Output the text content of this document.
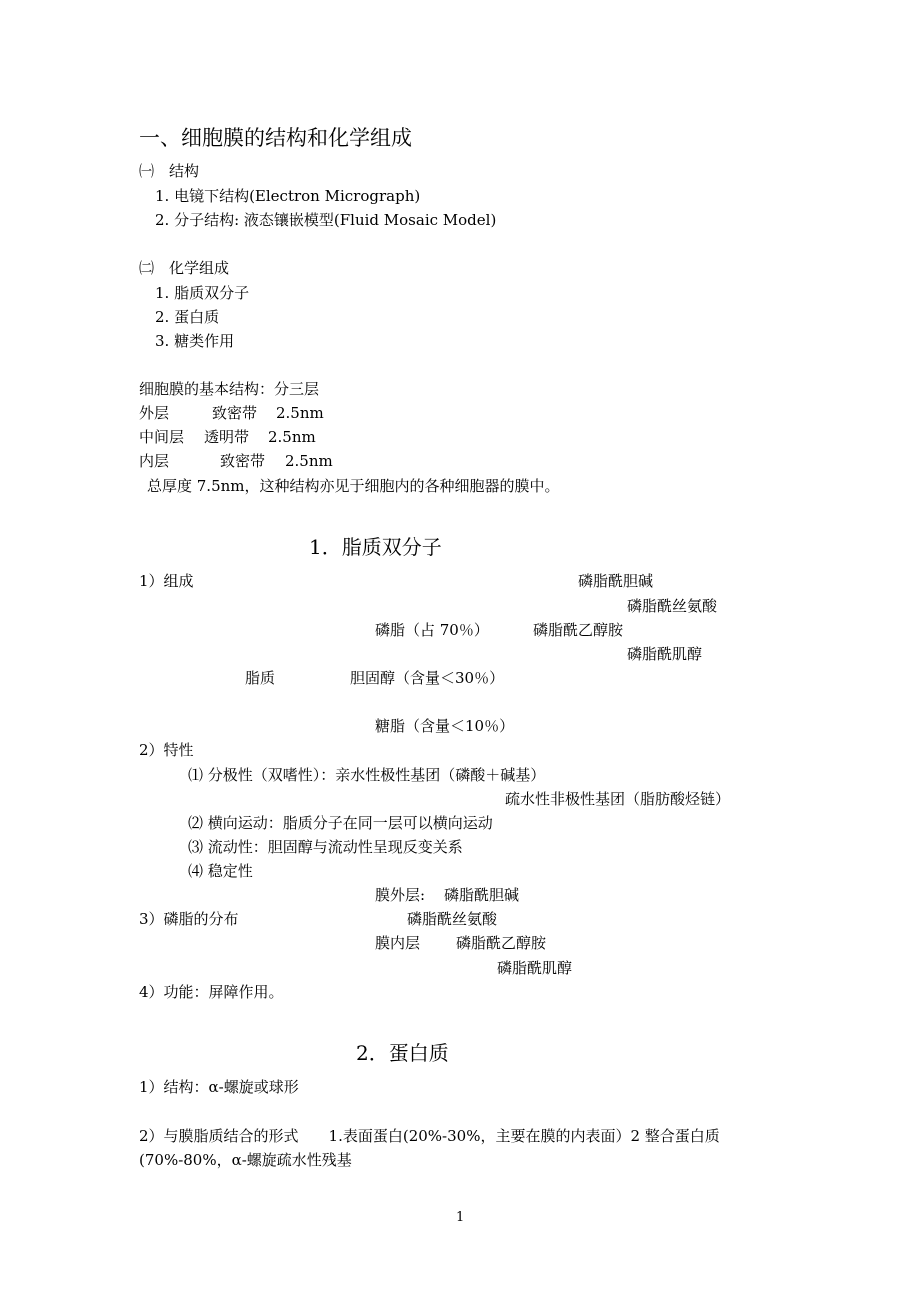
一、细胞膜的结构和化学组成
㈠　结构
1. 电镜下结构(Electron Micrograph)
2. 分子结构: 液态镶嵌模型(Fluid Mosaic Model)
㈡　化学组成
1. 脂质双分子
2. 蛋白质
3. 糖类作用
细胞膜的基本结构：分三层
外层	致密带 2.5nm
中间层 透明带 2.5nm
内层	致密带 2.5nm
总厚度 7.5nm，这种结构亦见于细胞内的各种细胞器的膜中。
1．脂质双分子
1）组成	磷脂酰胆碱
磷脂酰丝氨酸
磷脂（占 70％）	磷脂酰乙醇胺
磷脂酰肌醇
脂质	胆固醇（含量＜30％）
糖脂（含量＜10％）
2）特性
⑴ 分极性（双嗜性）：亲水性极性基团（磷酸＋碱基）
疏水性非极性基团（脂肪酸烃链）
⑵ 横向运动：脂质分子在同一层可以横向运动
⑶ 流动性：胆固醇与流动性呈现反变关系
⑷ 稳定性
膜外层: 磷脂酰胆碱
3）磷脂的分布	磷脂酰丝氨酸
膜内层 磷脂酰乙醇胺
磷脂酰肌醇
4）功能：屏障作用。
2．蛋白质
1）结构：α-螺旋或球形
2）与膜脂质结合的形式　　1.表面蛋白(20%-30%，主要在膜的内表面）2 整合蛋白质
(70%-80%，α-螺旋疏水性残基
1
